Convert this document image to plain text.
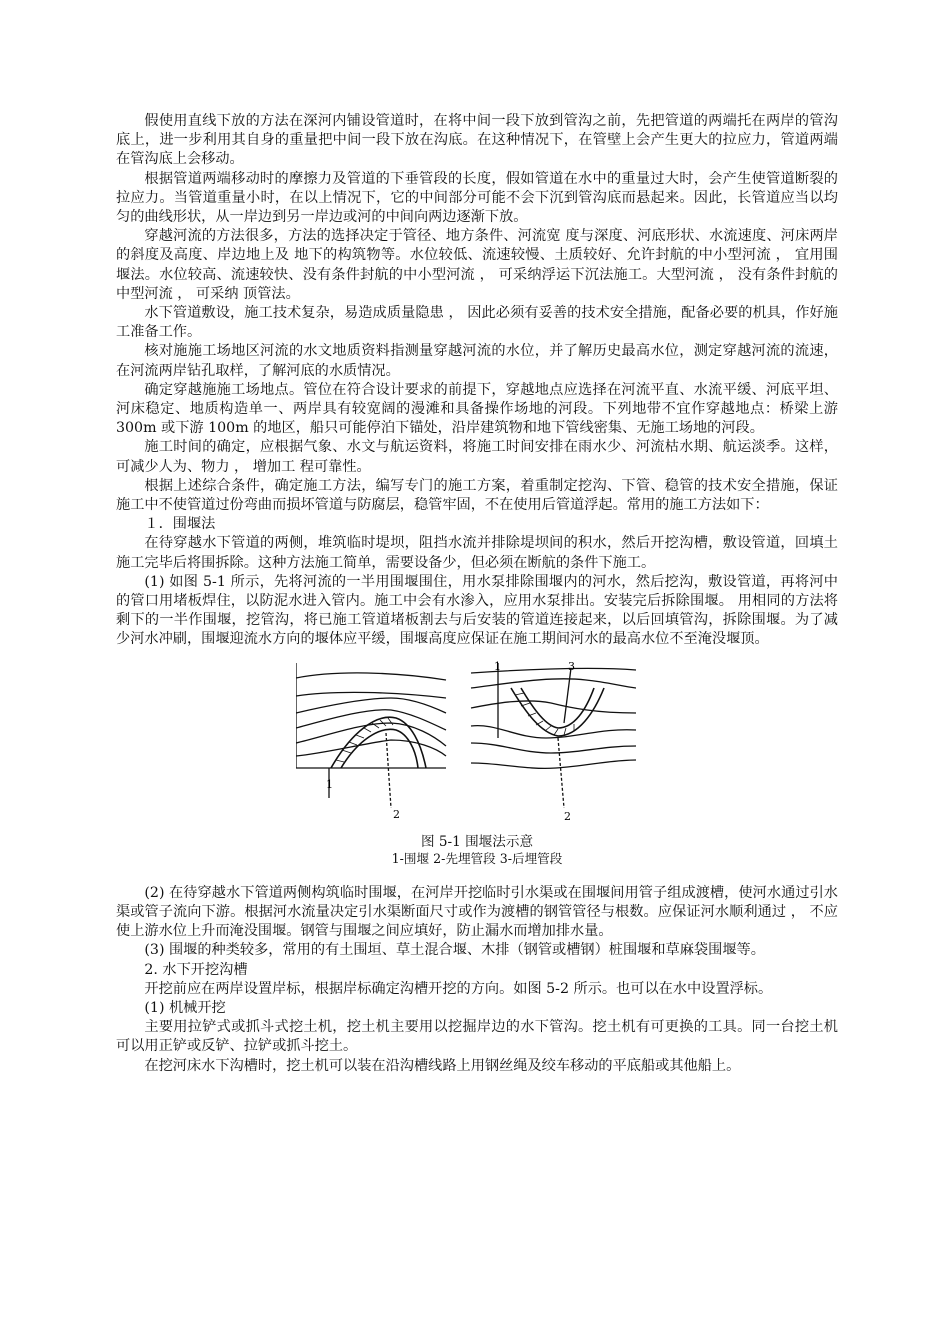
假使用直线下放的方法在深河内铺设管道时，在将中间一段下放到管沟之前，先把管道的两端托在两岸的管沟底上，进一步利用其自身的重量把中间一段下放在沟底。在这种情况下，在管壁上会产生更大的拉应力，管道两端在管沟底上会移动。

根据管道两端移动时的摩擦力及管道的下垂管段的长度，假如管道在水中的重量过大时，会产生使管道断裂的拉应力。当管道重量小时，在以上情况下，它的中间部分可能不会下沉到管沟底而悬起来。因此，长管道应当以均匀的曲线形状，从一岸边到另一岸边或河的中间向两边逐渐下放。

穿越河流的方法很多，方法的选择决定于管径、地方条件、河流宽 度与深度、河底形状、水流速度、河床两岸的斜度及高度、岸边地上及 地下的构筑物等。水位较低、流速较慢、土质较好、允许封航的中小型河流 ， 宜用围堰法。水位较高、流速较快、没有条件封航的中小型河流 ， 可采纳浮运下沉法施工。大型河流 ， 没有条件封航的中型河流 ， 可采纳 顶管法。

水下管道敷设，施工技术复杂，易造成质量隐患 ， 因此必须有妥善的技术安全措施，配备必要的机具，作好施工准备工作。

核对施施工场地区河流的水文地质资料指测量穿越河流的水位，并了解历史最高水位，测定穿越河流的流速，在河流两岸钻孔取样，了解河底的水质情况。

确定穿越施施工场地点。管位在符合设计要求的前提下，穿越地点应选择在河流平直、水流平缓、河底平坦、河床稳定、地质构造单一、两岸具有较宽阔的漫滩和具备操作场地的河段。下列地带不宜作穿越地点：桥梁上游 300m 或下游 100m 的地区，船只可能停泊下锚处，沿岸建筑物和地下管线密集、无施工场地的河段。

施工时间的确定，应根据气象、水文与航运资料，将施工时间安排在雨水少、河流枯水期、航运淡季。这样，可减少人为、物力 ， 增加工 程可靠性。

根据上述综合条件，确定施工方法，编写专门的施工方案，着重制定挖沟、下管、稳管的技术安全措施，保证施工中不使管道过份弯曲而损坏管道与防腐层，稳管牢固，不在使用后管道浮起。常用的施工方法如下：

１．围堰法

在待穿越水下管道的两侧，堆筑临时堤坝，阻挡水流并排除堤坝间的积水，然后开挖沟槽，敷设管道，回填土施工完毕后将围拆除。这种方法施工简单，需要设备少，但必须在断航的条件下施工。

(1) 如图 5-1 所示，先将河流的一半用围堰围住，用水泵排除围堰内的河水，然后挖沟，敷设管道，再将河中的管口用堵板焊住，以防泥水进入管内。施工中会有水渗入，应用水泵排出。安装完后拆除围堰。 用相同的方法将剩下的一半作围堰，挖管沟，将已施工管道堵板割去与后安装的管道连接起来，以后回填管沟，拆除围堰。为了减少河水冲刷，围堰迎流水方向的堰体应平缓，围堰高度应保证在施工期间河水的最高水位不至淹没堰顶。

1
2
1	3
2

图 5-1 围堰法示意

1-围堰 2-先埋管段 3-后埋管段

(2) 在待穿越水下管道两侧构筑临时围堰，在河岸开挖临时引水渠或在围堰间用管子组成渡槽，使河水通过引水渠或管子流向下游。根据河水流量决定引水渠断面尺寸或作为渡槽的钢管管径与根数。应保证河水顺利通过 ， 不应使上游水位上升而淹没围堰。钢管与围堰之间应填好，防止漏水而增加排水量。

(3) 围堰的种类较多，常用的有土围垣、草土混合堰、木排（钢管或槽钢）桩围堰和草麻袋围堰等。

2. 水下开挖沟槽

开挖前应在两岸设置岸标，根据岸标确定沟槽开挖的方向。如图 5-2 所示。也可以在水中设置浮标。

(1) 机械开挖

主要用拉铲式或抓斗式挖土机，挖土机主要用以挖掘岸边的水下管沟。挖土机有可更换的工具。同一台挖土机可以用正铲或反铲、拉铲或抓斗挖土。

在挖河床水下沟槽时，挖土机可以装在沿沟槽线路上用钢丝绳及绞车移动的平底船或其他船上。
